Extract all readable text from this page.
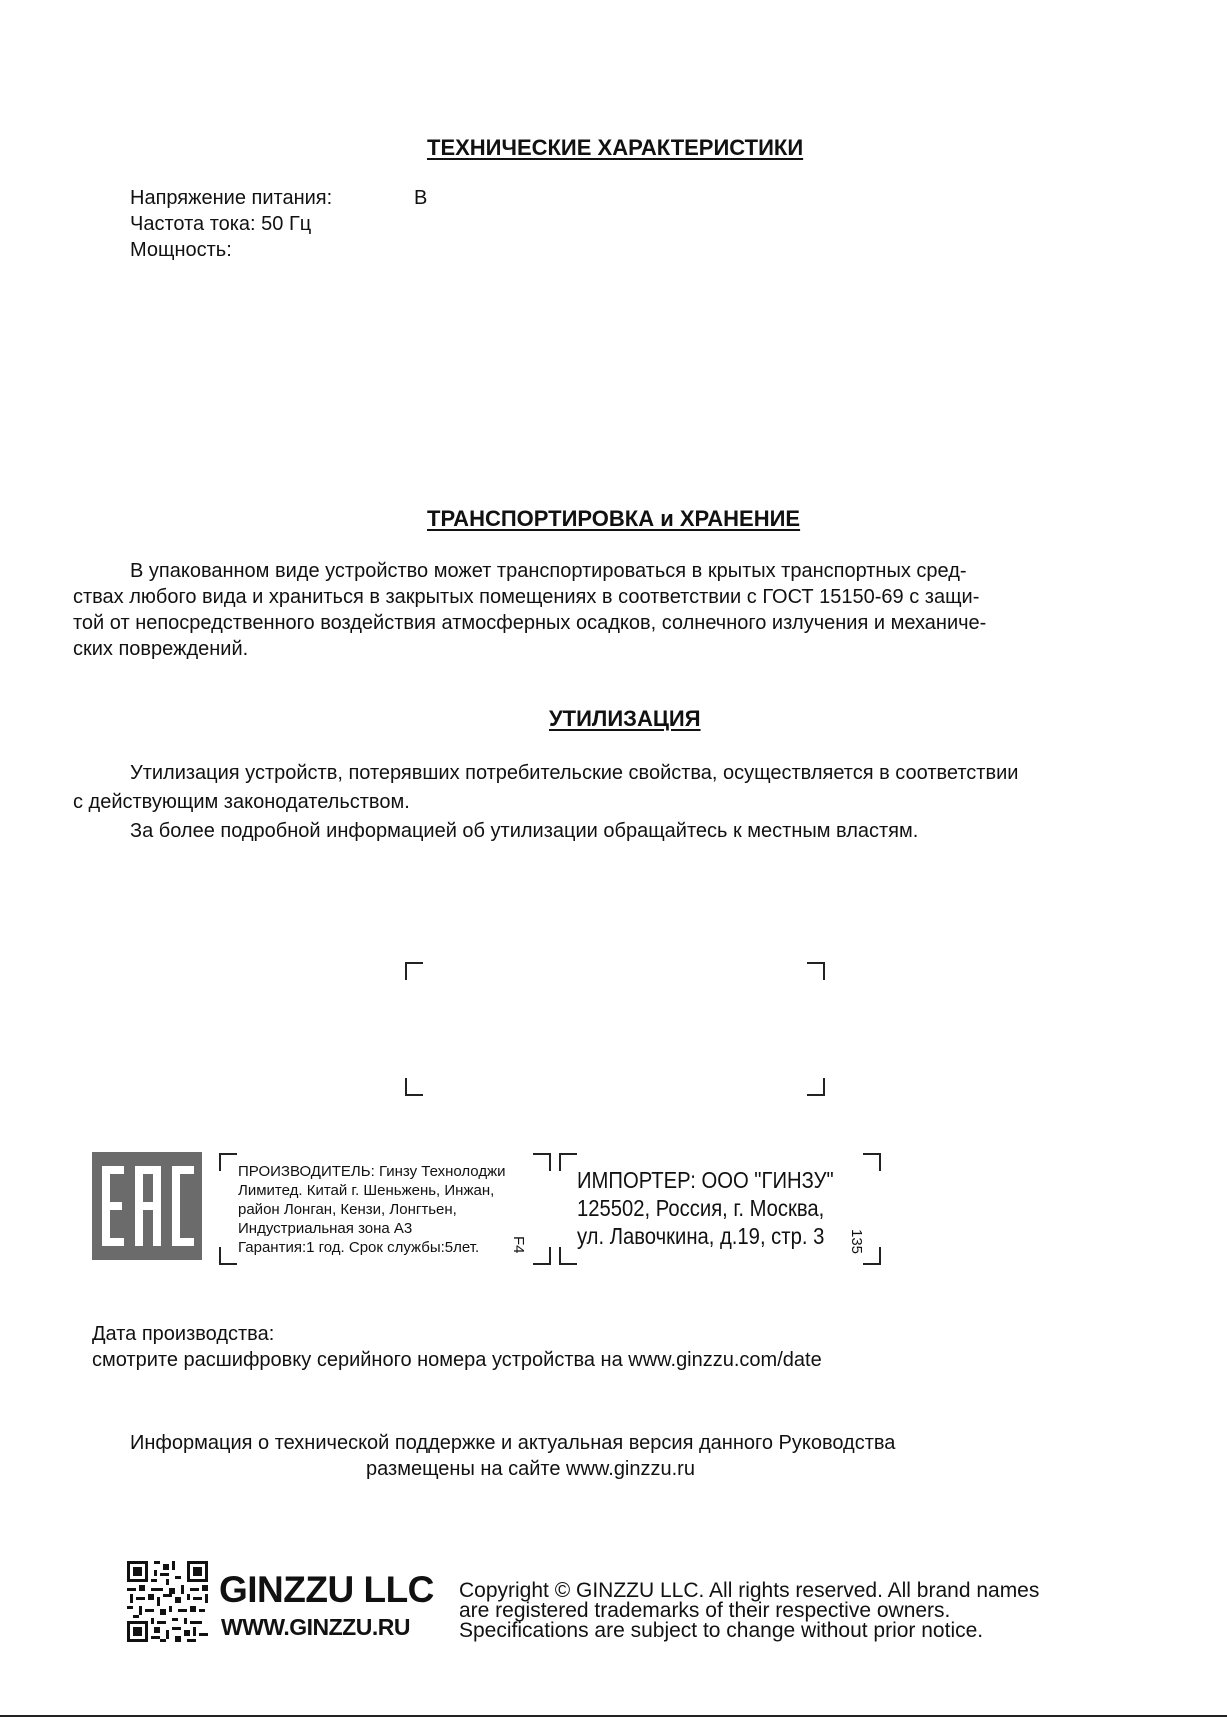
ТЕХНИЧЕСКИЕ ХАРАКТЕРИСТИКИ
Напряжение питания:	В
Частота тока: 50 Гц
Мощность:
ТРАНСПОРТИРОВКА и ХРАНЕНИЕ
В упакованном виде устройство может транспортироваться в крытых транспортных сред-
ствах любого вида и храниться в закрытых помещениях в соответствии с ГОСТ 15150-69 с защи-
той от непосредственного воздействия атмосферных осадков, солнечного излучения и механиче-
ских повреждений.
УТИЛИЗАЦИЯ
Утилизация устройств, потерявших потребительские свойства, осуществляется в соответствии
с действующим законодательством.
За более подробной информацией об утилизации обращайтесь к местным властям.
ПРОИЗВОДИТЕЛЬ: Гинзу Технолоджи
Лимитед. Китай г. Шеньжень, Инжан,
район Лонган, Кензи, Лонгтьен,
Индустриальная зона А3
Гарантия:1 год. Срок службы:5лет.	F4
ИМПОРТЕР: ООО "ГИНЗУ"
125502, Россия, г. Москва,
ул. Лавочкина, д.19, стр. 3	135
Дата производства:
смотрите расшифровку серийного номера устройства на www.ginzzu.com/date
Информация о технической поддержке и актуальная версия данного Руководства
размещены на сайте www.ginzzu.ru
GINZZU LLC
WWW.GINZZU.RU
Copyright © GINZZU LLC. All rights reserved. All brand names
are registered trademarks of their respective owners.
Specifications are subject to change without prior notice.
